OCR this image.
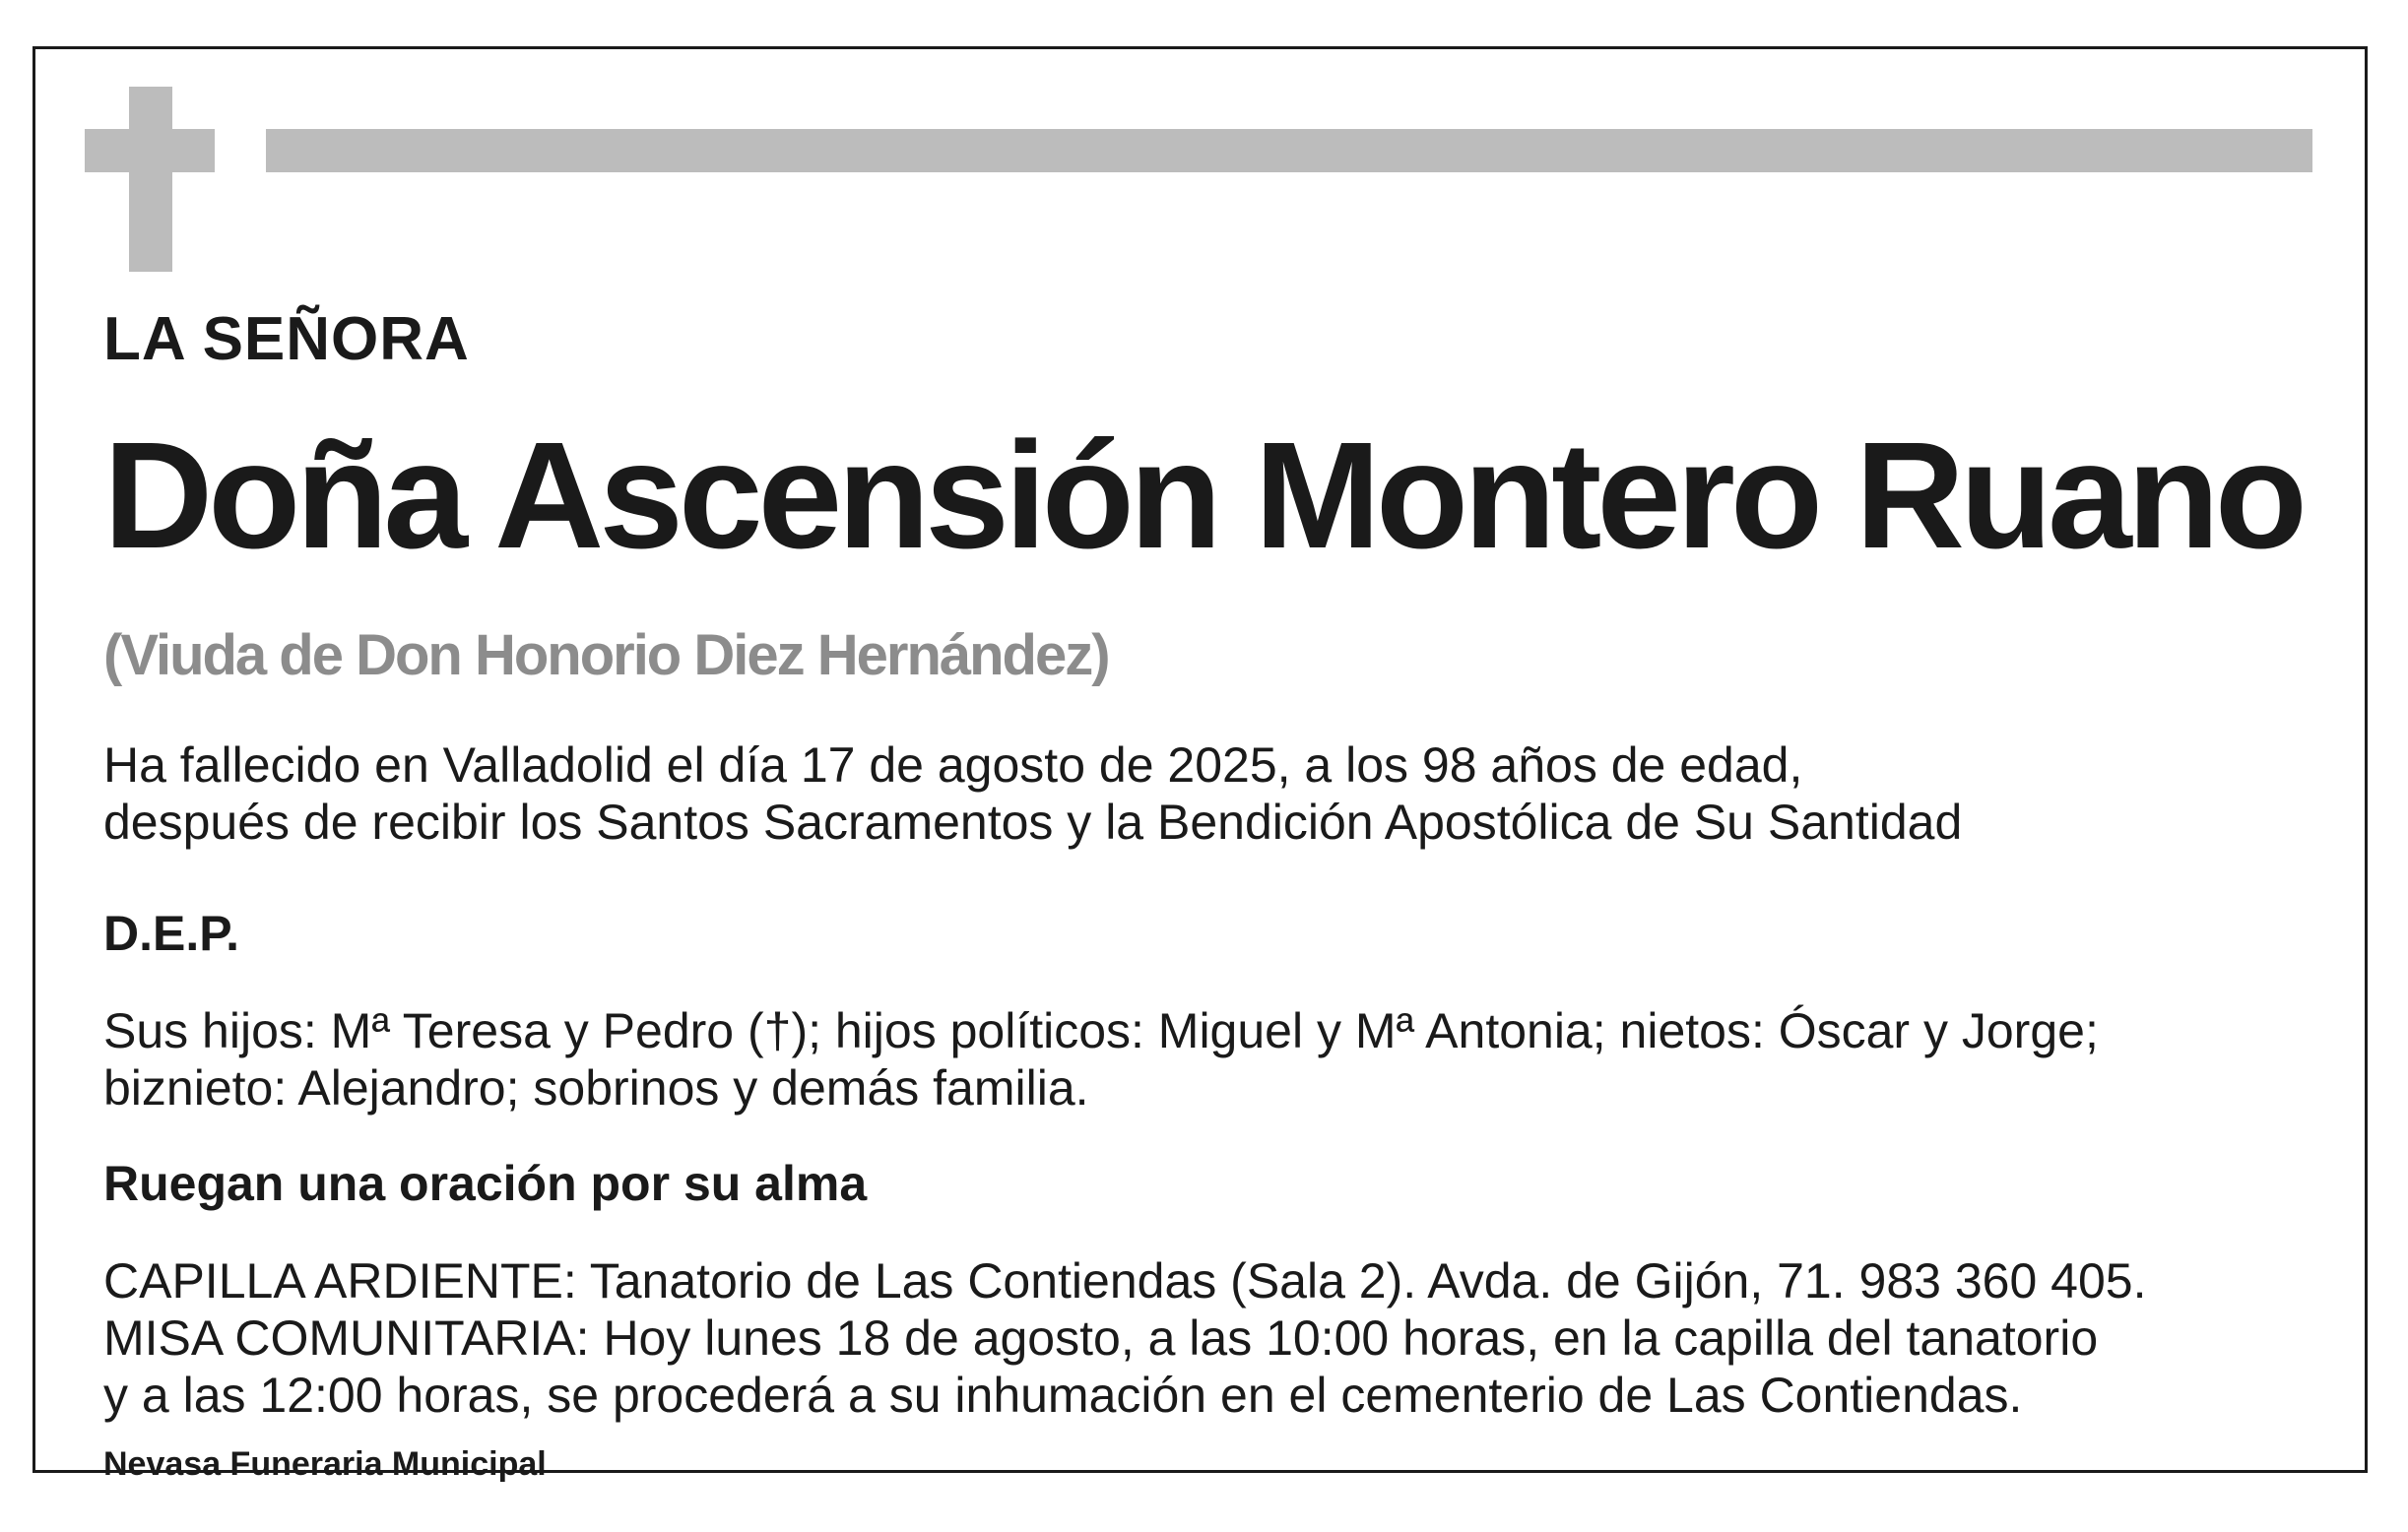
LA SEÑORA
Doña Ascensión Montero Ruano
(Viuda de Don Honorio Diez Hernández)
Ha fallecido en Valladolid el día 17 de agosto de 2025, a los 98 años de edad,
después de recibir los Santos Sacramentos y la Bendición Apostólica de Su Santidad
D.E.P.
Sus hijos: Mª Teresa y Pedro (†); hijos políticos: Miguel y Mª Antonia; nietos: Óscar y Jorge;
biznieto: Alejandro; sobrinos y demás familia.
Ruegan una oración por su alma
CAPILLA ARDIENTE: Tanatorio de Las Contiendas (Sala 2). Avda. de Gijón, 71. 983 360 405.
MISA COMUNITARIA: Hoy lunes 18 de agosto, a las 10:00 horas, en la capilla del tanatorio
y a las 12:00 horas, se procederá a su inhumación en el cementerio de Las Contiendas.
Nevasa Funeraria Municipal
